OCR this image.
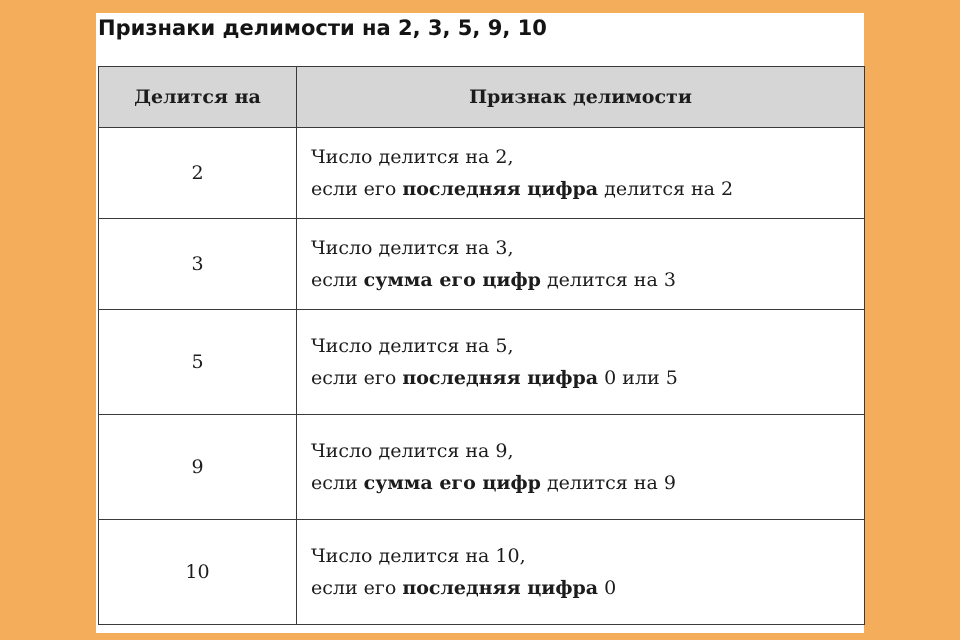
Признаки делимости на 2, 3, 5, 9, 10
Делится на	Признак делимости
2	Число делится на 2,
если его последняя цифра делится на 2

3	Число делится на 3,
если сумма его цифр делится на 3

5	Число делится на 5,
если его последняя цифра 0 или 5

9	Число делится на 9,
если сумма его цифр делится на 9

10	Число делится на 10,
если его последняя цифра 0
